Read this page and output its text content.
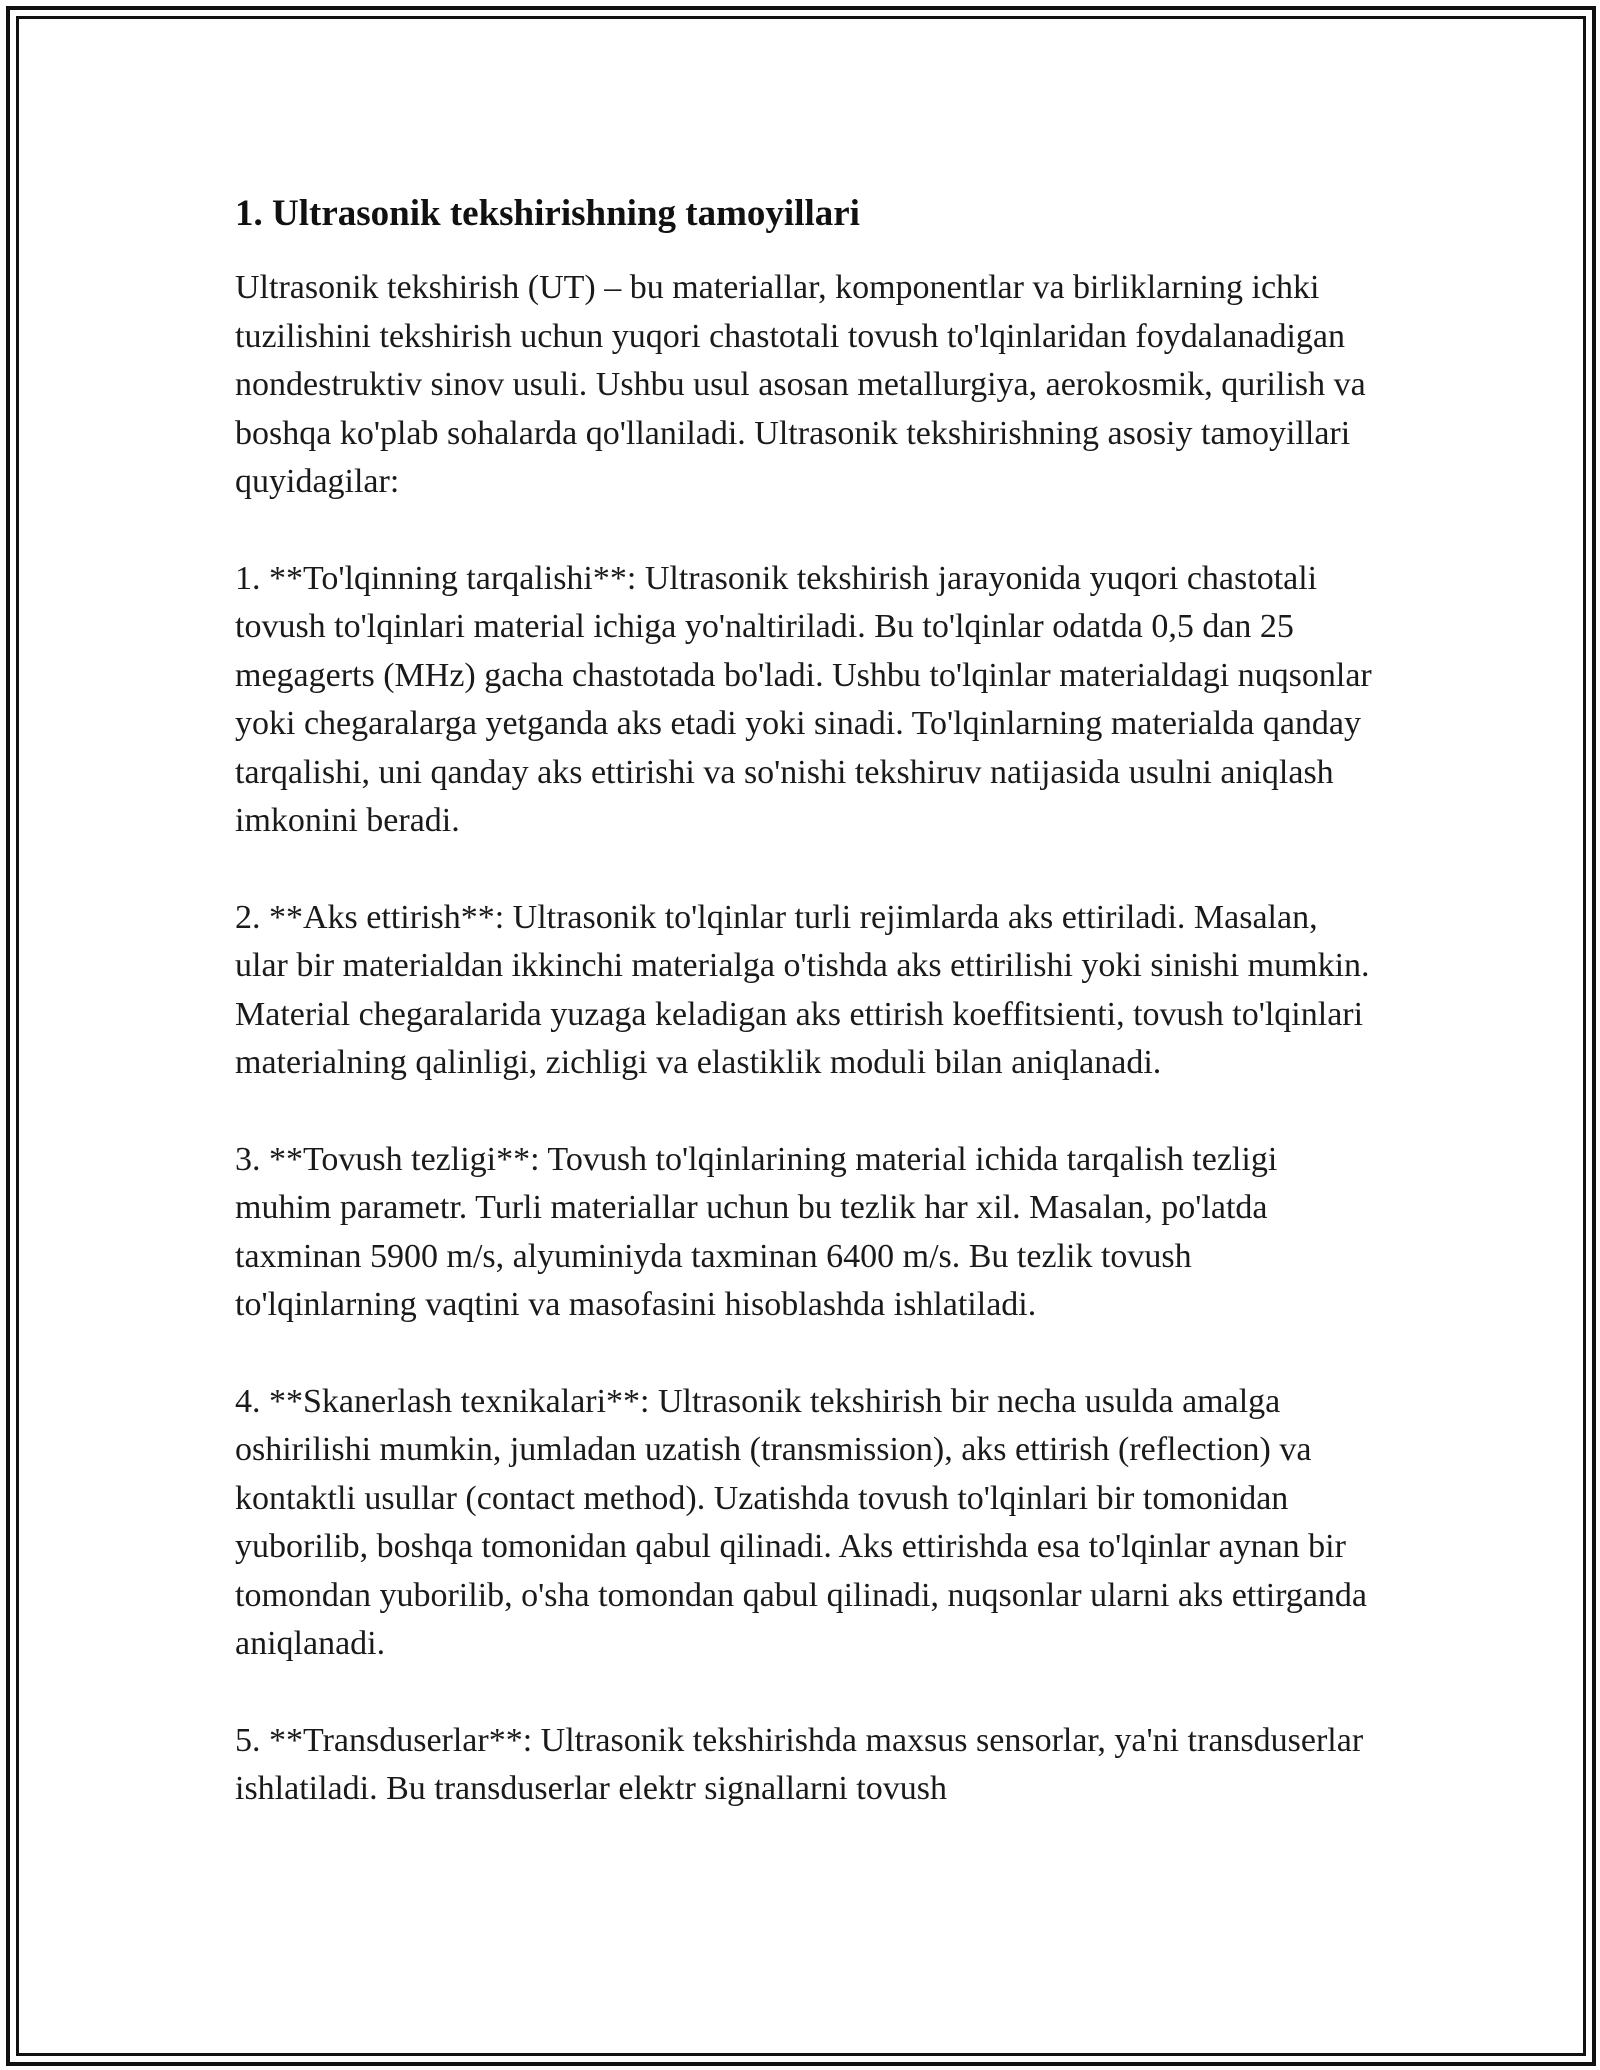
1. Ultrasonik tekshirishning tamoyillari

Ultrasonik tekshirish (UT) – bu materiallar, komponentlar va birliklarning ichki tuzilishini tekshirish uchun yuqori chastotali tovush to'lqinlaridan foydalanadigan nondestruktiv sinov usuli. Ushbu usul asosan metallurgiya, aerokosmik, qurilish va boshqa ko'plab sohalarda qo'llaniladi. Ultrasonik tekshirishning asosiy tamoyillari quyidagilar:

1. **To'lqinning tarqalishi**: Ultrasonik tekshirish jarayonida yuqori chastotali tovush to'lqinlari material ichiga yo'naltiriladi. Bu to'lqinlar odatda 0,5 dan 25 megagerts (MHz) gacha chastotada bo'ladi. Ushbu to'lqinlar materialdagi nuqsonlar yoki chegaralarga yetganda aks etadi yoki sinadi. To'lqinlarning materialda qanday tarqalishi, uni qanday aks ettirishi va so'nishi tekshiruv natijasida usulni aniqlash imkonini beradi.

2. **Aks ettirish**: Ultrasonik to'lqinlar turli rejimlarda aks ettiriladi. Masalan, ular bir materialdan ikkinchi materialga o'tishda aks ettirilishi yoki sinishi mumkin. Material chegaralarida yuzaga keladigan aks ettirish koeffitsienti, tovush to'lqinlari materialning qalinligi, zichligi va elastiklik moduli bilan aniqlanadi.

3. **Tovush tezligi**: Tovush to'lqinlarining material ichida tarqalish tezligi muhim parametr. Turli materiallar uchun bu tezlik har xil. Masalan, po'latda taxminan 5900 m/s, alyuminiyda taxminan 6400 m/s. Bu tezlik tovush to'lqinlarning vaqtini va masofasini hisoblashda ishlatiladi.

4. **Skanerlash texnikalari**: Ultrasonik tekshirish bir necha usulda amalga oshirilishi mumkin, jumladan uzatish (transmission), aks ettirish (reflection) va kontaktli usullar (contact method). Uzatishda tovush to'lqinlari bir tomonidan yuborilib, boshqa tomonidan qabul qilinadi. Aks ettirishda esa to'lqinlar aynan bir tomondan yuborilib, o'sha tomondan qabul qilinadi, nuqsonlar ularni aks ettirganda aniqlanadi.

5. **Transduserlar**: Ultrasonik tekshirishda maxsus sensorlar, ya'ni transduserlar ishlatiladi. Bu transduserlar elektr signallarni tovush
